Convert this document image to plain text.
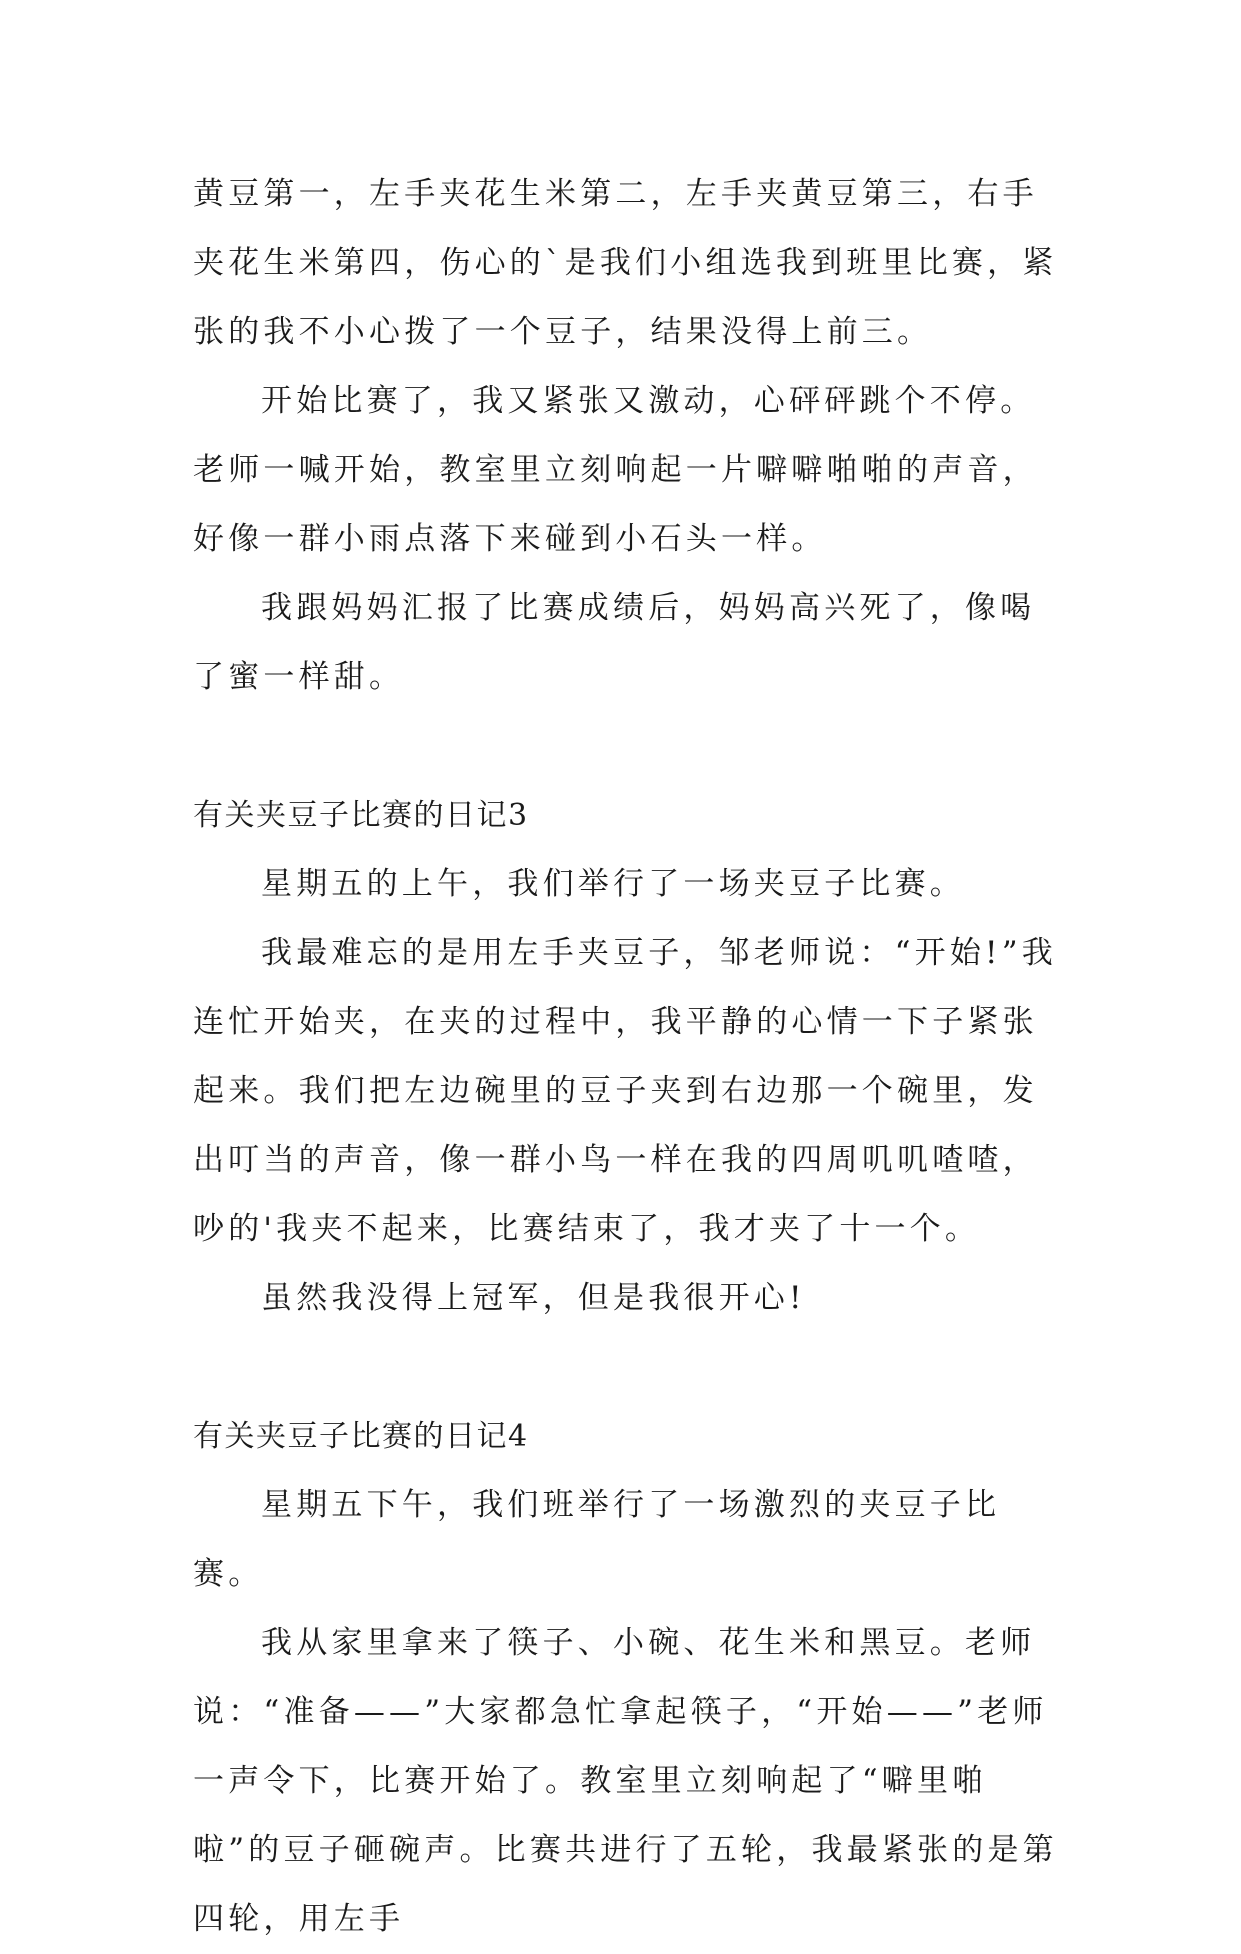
黄豆第一，左手夹花生米第二，左手夹黄豆第三，右手夹花生米第四，伤心的`是我们小组选我到班里比赛，紧张的我不小心拨了一个豆子，结果没得上前三。

开始比赛了，我又紧张又激动，心砰砰跳个不停。老师一喊开始，教室里立刻响起一片噼噼啪啪的声音，好像一群小雨点落下来碰到小石头一样。

我跟妈妈汇报了比赛成绩后，妈妈高兴死了，像喝了蜜一样甜。

有关夹豆子比赛的日记3

星期五的上午，我们举行了一场夹豆子比赛。

我最难忘的是用左手夹豆子，邹老师说：“开始!”我连忙开始夹，在夹的过程中，我平静的心情一下子紧张起来。我们把左边碗里的豆子夹到右边那一个碗里，发出叮当的声音，像一群小鸟一样在我的四周叽叽喳喳，吵的'我夹不起来，比赛结束了，我才夹了十一个。

虽然我没得上冠军，但是我很开心!

有关夹豆子比赛的日记4

星期五下午，我们班举行了一场激烈的夹豆子比赛。

我从家里拿来了筷子、小碗、花生米和黑豆。老师说：“准备——”大家都急忙拿起筷子，“开始——”老师一声令下，比赛开始了。教室里立刻响起了“噼里啪啦”的豆子砸碗声。比赛共进行了五轮，我最紧张的是第四轮，用左手
